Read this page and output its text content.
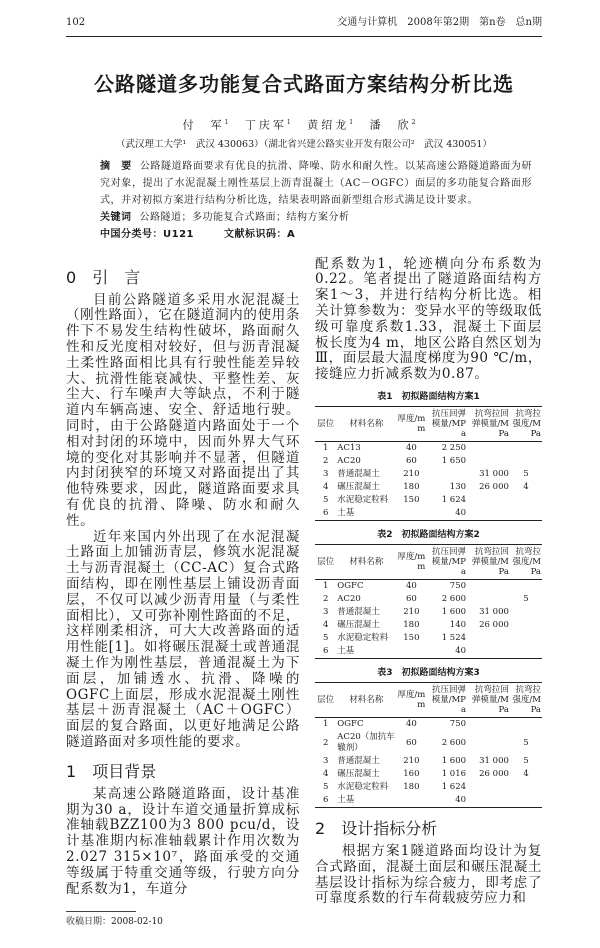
102	交通与计算机　2008年第2期　第n卷　总n期
公路隧道多功能复合式路面方案结构分析比选
付　军$^1$ 丁庆军$^1$ 黄绍龙$^1$ 潘　欣$^2$
（武汉理工大学¹　武汉 430063）（湖北省兴建公路实业开发有限公司²　武汉 430051）
摘　要 公路隧道路面要求有优良的抗滑、降噪、防水和耐久性。以某高速公路隧道路面为研究对象，提出了水泥混凝土刚性基层上沥青混凝土（AC－OGFC）面层的多功能复合路面形式，并对初拟方案进行结构分析比选，结果表明路面新型组合形式满足设计要求。
关键词 公路隧道；多功能复合式路面；结构方案分析
中国分类号：U121	文献标识码：A
0 引　言
目前公路隧道多采用水泥混凝土（刚性路面），它在隧道洞内的使用条件下不易发生结构性破坏，路面耐久性和反光度相对较好，但与沥青混凝土柔性路面相比具有行驶性能差异较大、抗滑性能衰减快、平整性差、灰尘大、行车噪声大等缺点，不利于隧道内车辆高速、安全、舒适地行驶。同时，由于公路隧道内路面处于一个相对封闭的环境中，因而外界大气环境的变化对其影响并不显著，但隧道内封闭狭窄的环境又对路面提出了其他特殊要求，因此，隧道路面要求具有优良的抗滑、降噪、防水和耐久性。
近年来国内外出现了在水泥混凝土路面上加铺沥青层，修筑水泥混凝土与沥青混凝土（CC-AC）复合式路面结构，即在刚性基层上铺设沥青面层，不仅可以减少沥青用量（与柔性面相比），又可弥补刚性路面的不足，这样刚柔相济，可大大改善路面的适用性能[1]。如将碾压混凝土或普通混凝土作为刚性基层，普通混凝土为下面层，加铺透水、抗滑、降噪的OGFC上面层，形成水泥混凝土刚性基层＋沥青混凝土（AC＋OGFC）面层的复合路面，以更好地满足公路隧道路面对多项性能的要求。
1 项目背景
某高速公路隧道路面，设计基准期为30 a，设计车道交通量折算成标准轴载BZZ100为3 800 pcu/d，设计基准期内标准轴载累计作用次数为2.027 315×10⁷，路面承受的交通等级属于特重交通等级，行驶方向分配系数为1，车道分
收稿日期：2008-02-10
配系数为1，轮迹横向分布系数为0.22。笔者提出了隧道路面结构方案1～3，并进行结构分析比选。相关计算参数为：变异水平的等级取低级可靠度系数1.33，混凝土下面层板长度为4 m，地区公路自然区划为Ⅲ，面层最大温度梯度为90 ℃/m，接缝应力折减系数为0.87。
表1　初拟路面结构方案1
层位	材料名称	厚度/mm	抗压回弹模量/MPa	抗弯拉回弹模量/MPa	抗弯拉强度/MPa
1	AC13	40	2 250		
2	AC20	60	1 650		
3	普通混凝土	210		31 000	5
4	碾压混凝土	180	130	26 000	4
5	水泥稳定粒料	150	1 624		
6	土基		40		
表2　初拟路面结构方案2
层位	材料名称	厚度/mm	抗压回弹模量/MPa	抗弯拉回弹模量/MPa	抗弯拉强度/MPa
1	OGFC	40	750		
2	AC20	60	2 600		5
3	普通混凝土	210	1 600	31 000	
4	碾压混凝土	180	140	26 000	
5	水泥稳定粒料	150	1 524		
6	土基		40		
表3　初拟路面结构方案3
层位	材料名称	厚度/mm	抗压回弹模量/MPa	抗弯拉回弹模量/MPa	抗弯拉强度/MPa
1	OGFC	40	750		
2	AC20（加抗车辙剂）	60	2 600		5
3	普通混凝土	210	1 600	31 000	5
4	碾压混凝土	160	1 016	26 000	4
5	水泥稳定粒料	180	1 624		
6	土基		40		
2 设计指标分析
根据方案1隧道路面均设计为复合式路面，混凝土面层和碾压混凝土基层设计指标为综合疲力，即考虑了可靠度系数的行车荷载疲劳应力和
